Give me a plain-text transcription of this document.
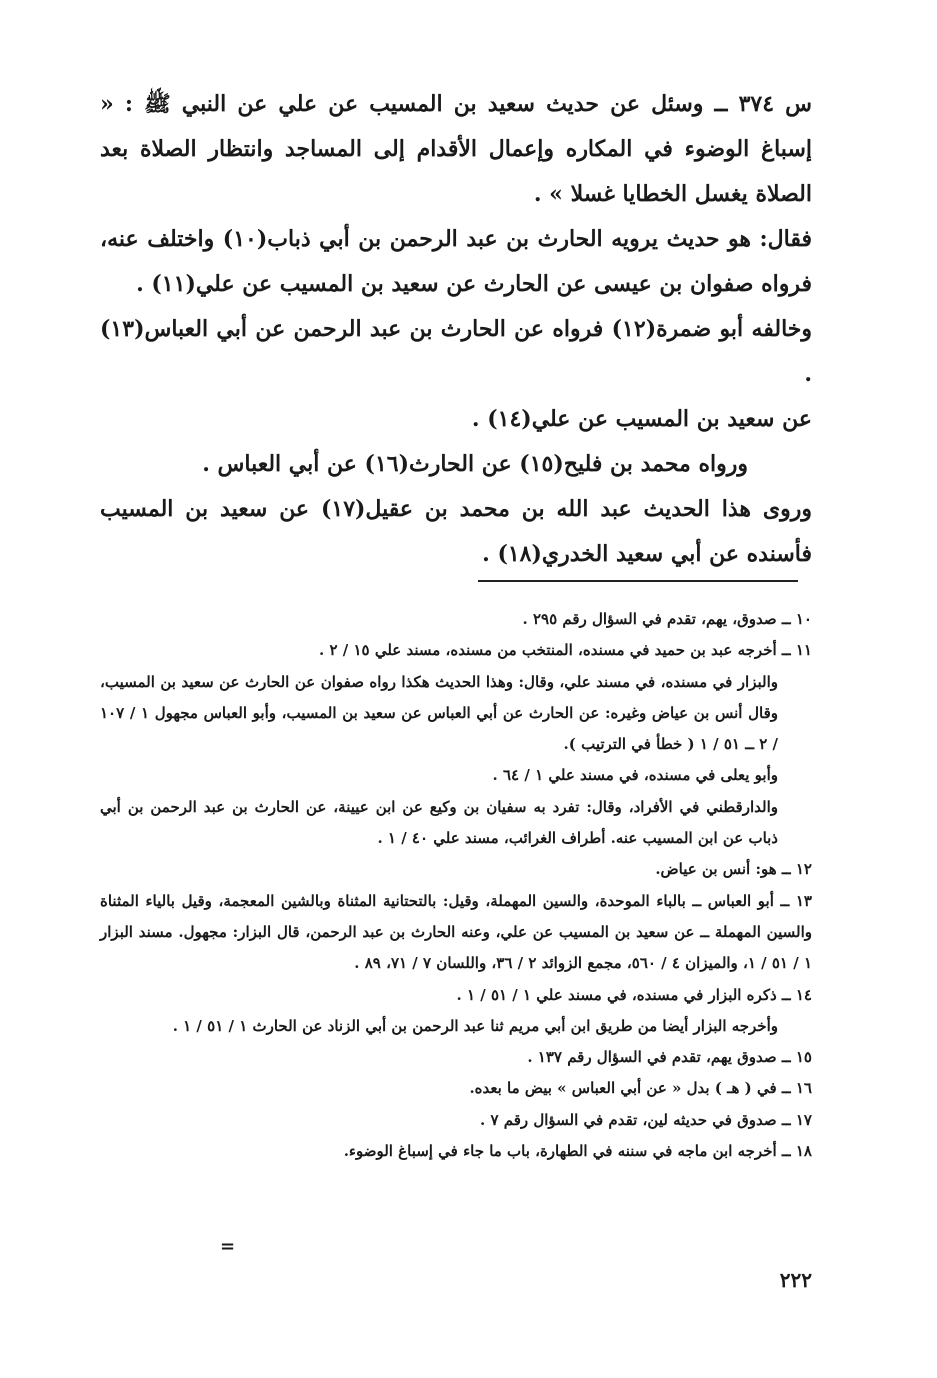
س ٣٧٤ ــ وسئل عن حديث سعيد بن المسيب عن علي عن النبي ﷺ : « إسباغ الوضوء في المكاره وإعمال الأقدام إلى المساجد وانتظار الصلاة بعد الصلاة يغسل الخطايا غسلا » .

فقال: هو حديث يرويه الحارث بن عبد الرحمن بن أبي ذباب(١٠) واختلف عنه، فرواه صفوان بن عيسى عن الحارث عن سعيد بن المسيب عن علي(١١) .

وخالفه أبو ضمرة(١٢) فرواه عن الحارث بن عبد الرحمن عن أبي العباس(١٣) .

عن سعيد بن المسيب عن علي(١٤) .

ورواه محمد بن فليح(١٥) عن الحارث(١٦) عن أبي العباس .

وروى هذا الحديث عبد الله بن محمد بن عقيل(١٧) عن سعيد بن المسيب فأسنده عن أبي سعيد الخدري(١٨) .

١٠ ــ صدوق، يهم، تقدم في السؤال رقم ٢٩٥ .

١١ ــ أخرجه عبد بن حميد في مسنده، المنتخب من مسنده، مسند علي ١٥ / ٢ .

والبزار في مسنده، في مسند علي، وقال: وهذا الحديث هكذا رواه صفوان عن الحارث عن سعيد بن المسيب، وقال أنس بن عياض وغيره: عن الحارث عن أبي العباس عن سعيد بن المسيب، وأبو العباس مجهول ١ / ١٠٧ / ٢ ــ ٥١ / ١ ( خطأ في الترتيب ).

وأبو يعلى في مسنده، في مسند علي ١ / ٦٤ .

والدارقطني في الأفراد، وقال: تفرد به سفيان بن وكيع عن ابن عيينة، عن الحارث بن عبد الرحمن بن أبي ذباب عن ابن المسيب عنه. أطراف الغرائب، مسند علي ٤٠ / ١ .

١٢ ــ هو: أنس بن عياض.

١٣ ــ أبو العباس ــ بالباء الموحدة، والسين المهملة، وقيل: بالتحتانية المثناة وبالشين المعجمة، وقيل بالياء المثناة والسين المهملة ــ عن سعيد بن المسيب عن علي، وعنه الحارث بن عبد الرحمن، قال البزار: مجهول. مسند البزار ١ / ٥١ / ١، والميزان ٤ / ٥٦٠، مجمع الزوائد ٢ / ٣٦، واللسان ٧ / ٧١، ٨٩ .

١٤ ــ ذكره البزار في مسنده، في مسند علي ١ / ٥١ / ١ .

وأخرجه البزار أيضا من طريق ابن أبي مريم ثنا عبد الرحمن بن أبي الزناد عن الحارث ١ / ٥١ / ١ .

١٥ ــ صدوق يهم، تقدم في السؤال رقم ١٣٧ .

١٦ ــ في ( هـ ) بدل « عن أبي العباس » بيض ما بعده.

١٧ ــ صدوق في حديثه لين، تقدم في السؤال رقم ٧ .

١٨ ــ أخرجه ابن ماجه في سننه في الطهارة، باب ما جاء في إسباغ الوضوء.

=
٢٢٢
